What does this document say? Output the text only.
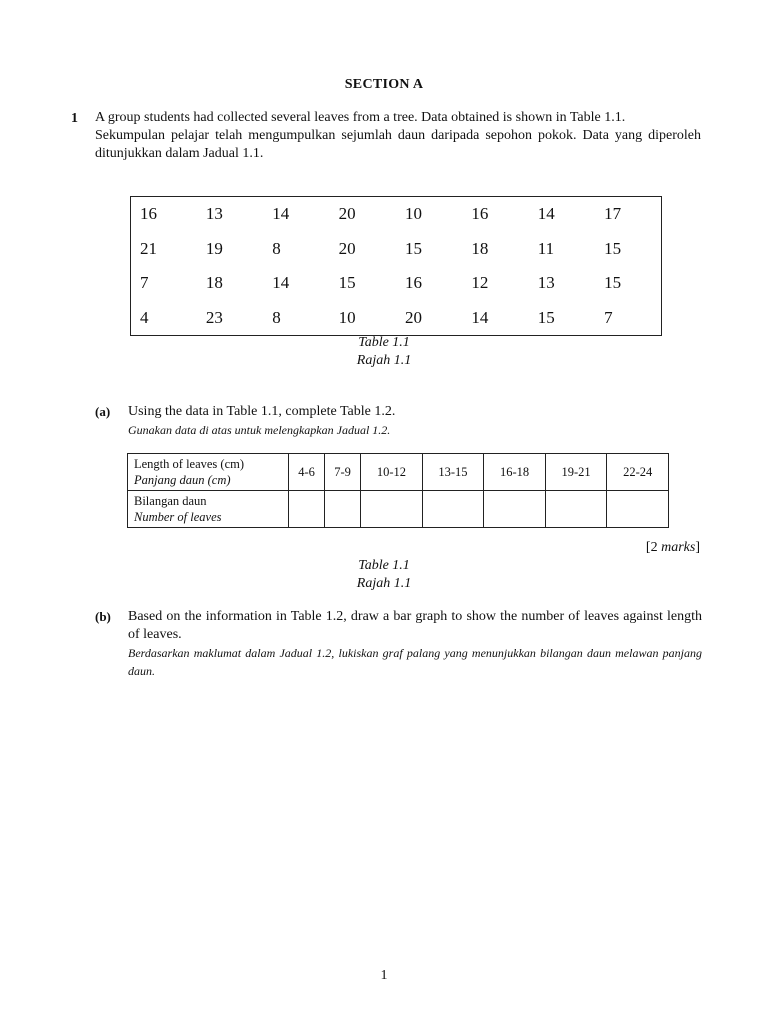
SECTION A
1 A group students had collected several leaves from a tree. Data obtained is shown in Table 1.1.

Sekumpulan pelajar telah mengumpulkan sejumlah daun daripada sepohon pokok. Data yang diperoleh ditunjukkan dalam Jadual 1.1.

16	13	14	20	10	16	14	17
21	19	8	20	15	18	11	15
7	18	14	15	16	12	13	15
4	23	8	10	20	14	15	7
Table 1.1
Rajah 1.1
(a) Using the data in Table 1.1, complete Table 1.2.
Gunakan data di atas untuk melengkapkan Jadual 1.2.
Length of leaves (cm)
Panjang daun (cm)	4-6	7-9	10-12	13-15	16-18	19-21	22-24

Bilangan daun
Number of leaves							

[2 marks]
Table 1.1
Rajah 1.1
(b) Based on the information in Table 1.2, draw a bar graph to show the number of leaves against length of leaves.
Berdasarkan maklumat dalam Jadual 1.2, lukiskan graf palang yang menunjukkan bilangan daun melawan panjang daun.
1
